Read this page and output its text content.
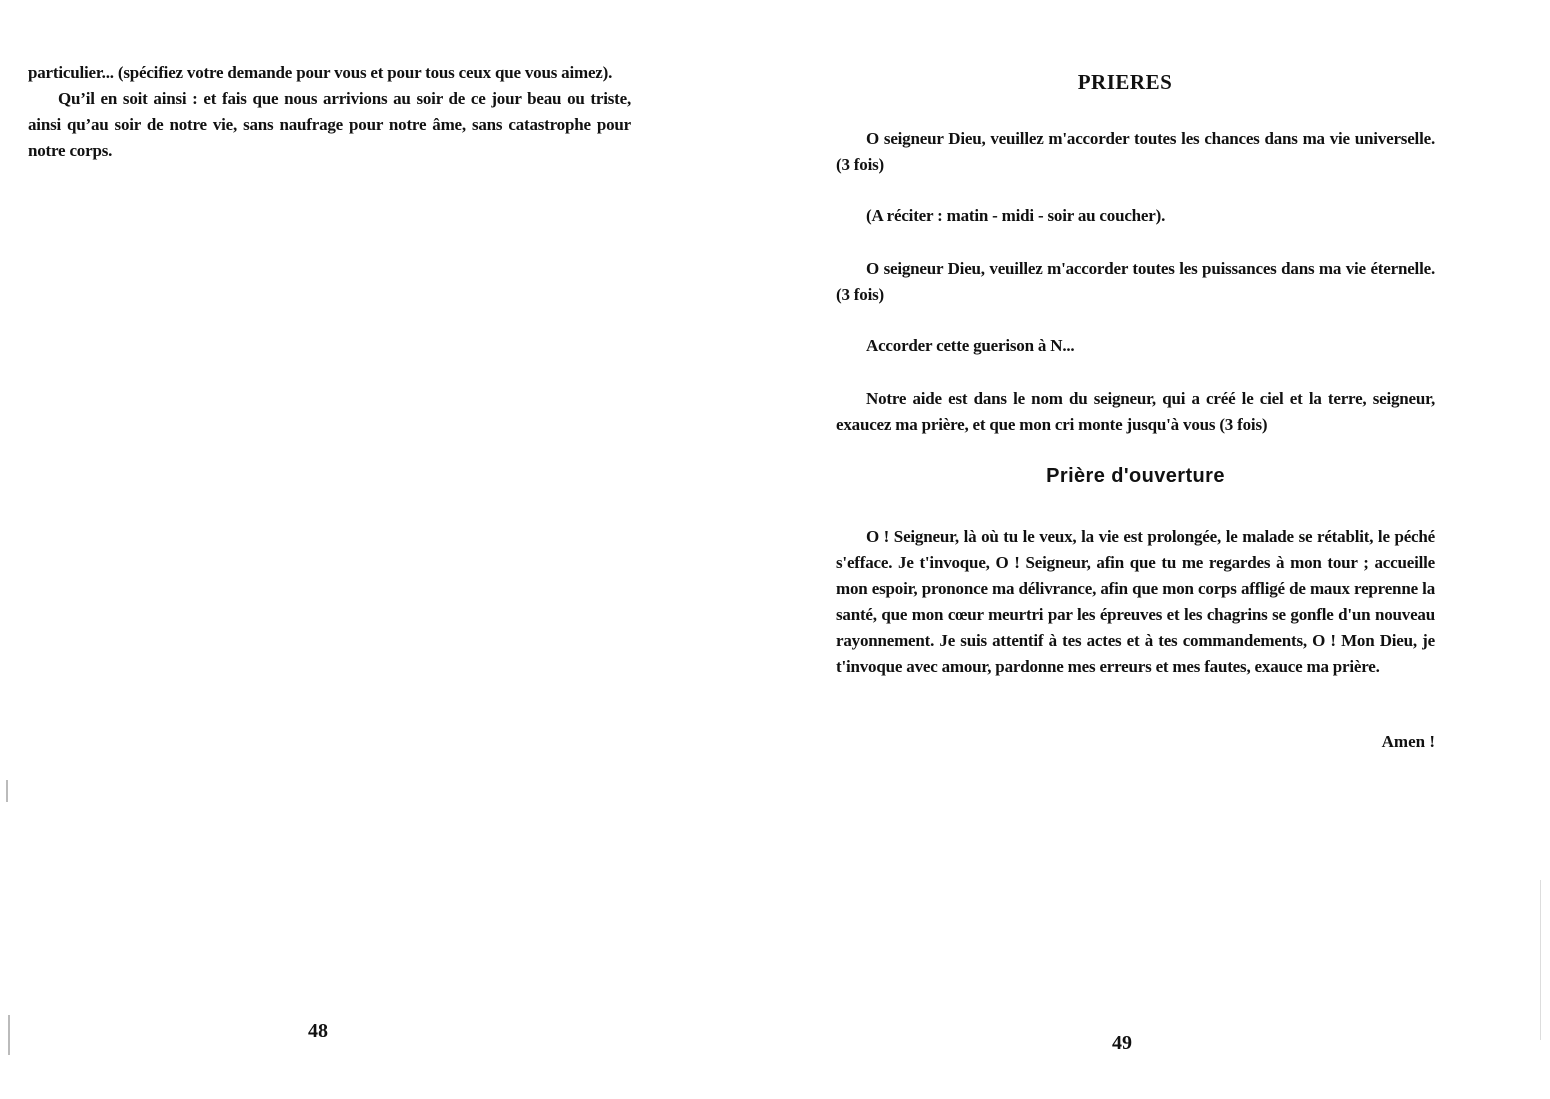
particulier... (spécifiez votre demande pour vous et pour tous ceux que vous aimez).

Qu’il en soit ainsi : et fais que nous arrivions au soir de ce jour beau ou triste, ainsi qu’au soir de notre vie, sans naufrage pour notre âme, sans catastrophe pour notre corps.

48
PRIERES

O seigneur Dieu, veuillez m'accorder toutes les chances dans ma vie universelle. (3 fois)

(A réciter : matin - midi - soir au coucher).

O seigneur Dieu, veuillez m'accorder toutes les puissances dans ma vie éternelle. (3 fois)

Accorder cette guerison à N...

Notre aide est dans le nom du seigneur, qui a créé le ciel et la terre, seigneur, exaucez ma prière, et que mon cri monte jusqu'à vous (3 fois)

Prière d'ouverture

O ! Seigneur, là où tu le veux, la vie est prolongée, le malade se rétablit, le péché s'efface. Je t'invoque, O ! Seigneur, afin que tu me regardes à mon tour ; accueille mon espoir, prononce ma délivrance, afin que mon corps affligé de maux reprenne la santé, que mon cœur meurtri par les épreuves et les chagrins se gonfle d'un nouveau rayonnement. Je suis attentif à tes actes et à tes commandements, O ! Mon Dieu, je t'invoque avec amour, pardonne mes erreurs et mes fautes, exauce ma prière.

Amen !
49
